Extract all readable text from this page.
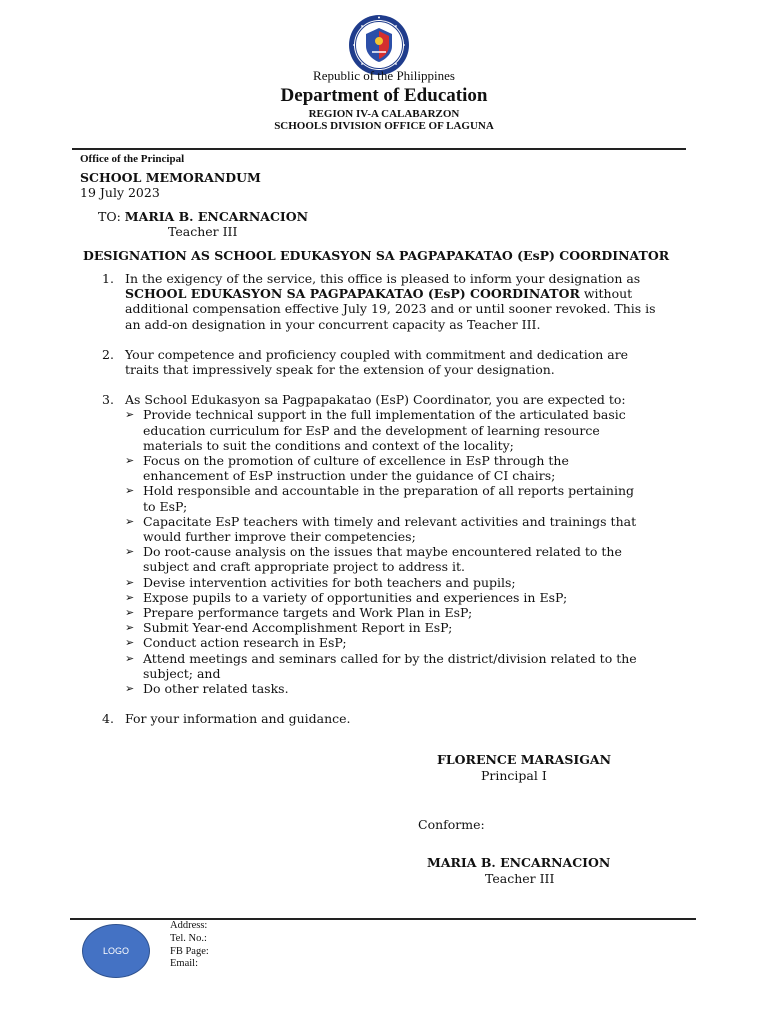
Republic of the Philippines
Department of Education
REGION IV-A CALABARZON
SCHOOLS DIVISION OFFICE OF LAGUNA
Office of the Principal
SCHOOL MEMORANDUM
19 July 2023
TO: MARIA B. ENCARNACION
Teacher III
DESIGNATION AS SCHOOL EDUKASYON SA PAGPAPAKATAO (EsP) COORDINATOR
1. In the exigency of the service, this office is pleased to inform your designation as
SCHOOL EDUKASYON SA PAGPAPAKATAO (EsP) COORDINATOR without
additional compensation effective July 19, 2023 and or until sooner revoked. This is
an add-on designation in your concurrent capacity as Teacher III.
2. Your competence and proficiency coupled with commitment and dedication are
traits that impressively speak for the extension of your designation.
3. As School Edukasyon sa Pagpapakatao (EsP) Coordinator, you are expected to:
➢ Provide technical support in the full implementation of the articulated basic
education curriculum for EsP and the development of learning resource
materials to suit the conditions and context of the locality;
➢ Focus on the promotion of culture of excellence in EsP through the
enhancement of EsP instruction under the guidance of CI chairs;
➢ Hold responsible and accountable in the preparation of all reports pertaining
to EsP;
➢ Capacitate EsP teachers with timely and relevant activities and trainings that
would further improve their competencies;
➢ Do root-cause analysis on the issues that maybe encountered related to the
subject and craft appropriate project to address it.
➢ Devise intervention activities for both teachers and pupils;
➢ Expose pupils to a variety of opportunities and experiences in EsP;
➢ Prepare performance targets and Work Plan in EsP;
➢ Submit Year-end Accomplishment Report in EsP;
➢ Conduct action research in EsP;
➢ Attend meetings and seminars called for by the district/division related to the
subject; and
➢ Do other related tasks.
4. For your information and guidance.
FLORENCE MARASIGAN
Principal I
Conforme:
MARIA B. ENCARNACION
Teacher III
LOGO
Address:
Tel. No.:
FB Page:
Email:
